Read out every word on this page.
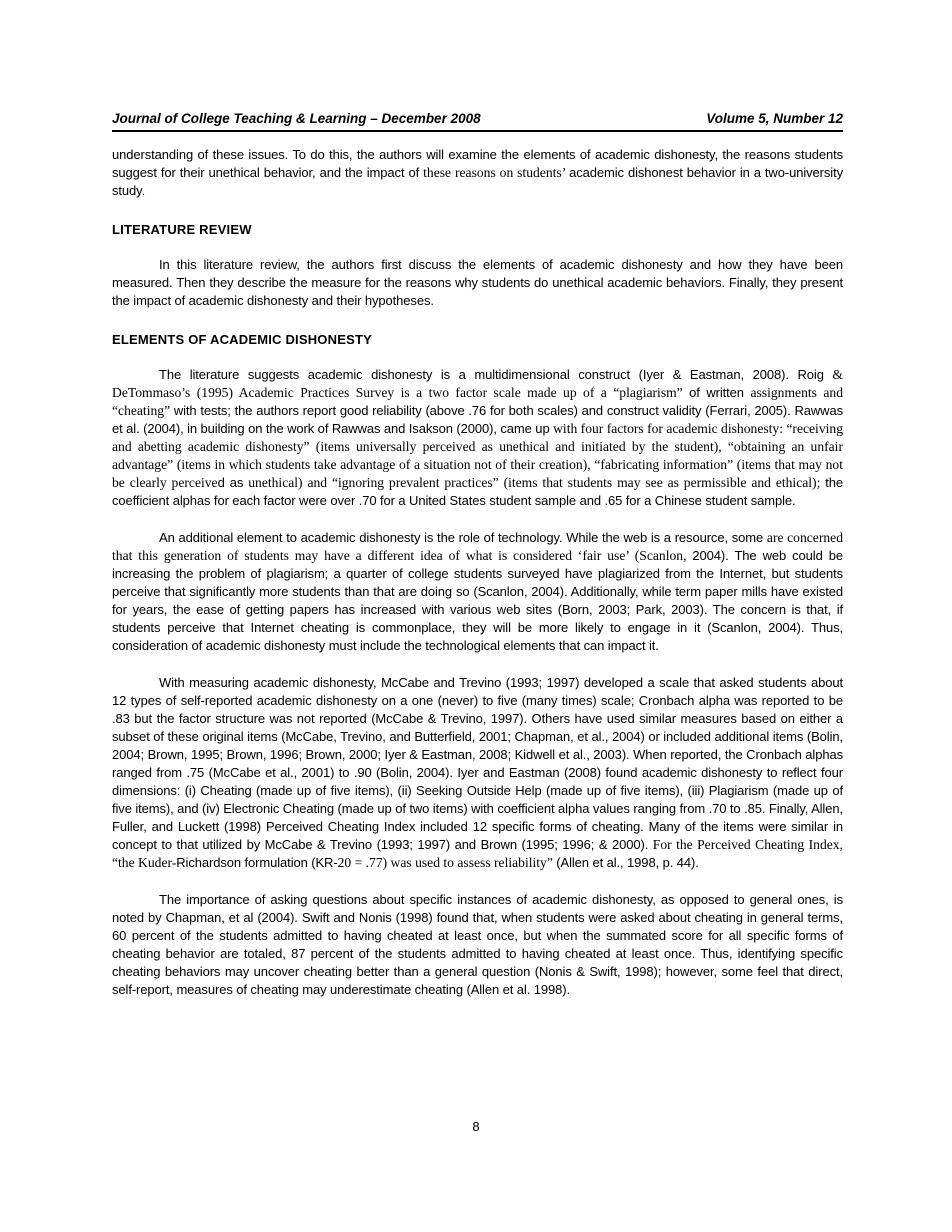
Journal of College Teaching & Learning – December 2008	Volume 5, Number 12

understanding of these issues. To do this, the authors will examine the elements of academic dishonesty, the reasons students suggest for their unethical behavior, and the impact of these reasons on students’ academic dishonest behavior in a two-university study.

LITERATURE REVIEW

In this literature review, the authors first discuss the elements of academic dishonesty and how they have been measured. Then they describe the measure for the reasons why students do unethical academic behaviors. Finally, they present the impact of academic dishonesty and their hypotheses.

ELEMENTS OF ACADEMIC DISHONESTY

The literature suggests academic dishonesty is a multidimensional construct (Iyer & Eastman, 2008). Roig & DeTommaso’s (1995) Academic Practices Survey is a two factor scale made up of a “plagiarism” of written assignments and “cheating” with tests; the authors report good reliability (above .76 for both scales) and construct validity (Ferrari, 2005). Rawwas et al. (2004), in building on the work of Rawwas and Isakson (2000), came up with four factors for academic dishonesty: “receiving and abetting academic dishonesty” (items universally perceived as unethical and initiated by the student), “obtaining an unfair advantage” (items in which students take advantage of a situation not of their creation), “fabricating information” (items that may not be clearly perceived as unethical) and “ignoring prevalent practices” (items that students may see as permissible and ethical); the coefficient alphas for each factor were over .70 for a United States student sample and .65 for a Chinese student sample.

An additional element to academic dishonesty is the role of technology. While the web is a resource, some are concerned that this generation of students may have a different idea of what is considered ‘fair use’ (Scanlon, 2004). The web could be increasing the problem of plagiarism; a quarter of college students surveyed have plagiarized from the Internet, but students perceive that significantly more students than that are doing so (Scanlon, 2004). Additionally, while term paper mills have existed for years, the ease of getting papers has increased with various web sites (Born, 2003; Park, 2003). The concern is that, if students perceive that Internet cheating is commonplace, they will be more likely to engage in it (Scanlon, 2004). Thus, consideration of academic dishonesty must include the technological elements that can impact it.

With measuring academic dishonesty, McCabe and Trevino (1993; 1997) developed a scale that asked students about 12 types of self-reported academic dishonesty on a one (never) to five (many times) scale; Cronbach alpha was reported to be .83 but the factor structure was not reported (McCabe & Trevino, 1997). Others have used similar measures based on either a subset of these original items (McCabe, Trevino, and Butterfield, 2001; Chapman, et al., 2004) or included additional items (Bolin, 2004; Brown, 1995; Brown, 1996; Brown, 2000; Iyer & Eastman, 2008; Kidwell et al., 2003). When reported, the Cronbach alphas ranged from .75 (McCabe et al., 2001) to .90 (Bolin, 2004). Iyer and Eastman (2008) found academic dishonesty to reflect four dimensions: (i) Cheating (made up of five items), (ii) Seeking Outside Help (made up of five items), (iii) Plagiarism (made up of five items), and (iv) Electronic Cheating (made up of two items) with coefficient alpha values ranging from .70 to .85. Finally, Allen, Fuller, and Luckett (1998) Perceived Cheating Index included 12 specific forms of cheating. Many of the items were similar in concept to that utilized by McCabe & Trevino (1993; 1997) and Brown (1995; 1996; & 2000). For the Perceived Cheating Index, “the Kuder-Richardson formulation (KR-20 = .77) was used to assess reliability” (Allen et al., 1998, p. 44).

The importance of asking questions about specific instances of academic dishonesty, as opposed to general ones, is noted by Chapman, et al (2004). Swift and Nonis (1998) found that, when students were asked about cheating in general terms, 60 percent of the students admitted to having cheated at least once, but when the summated score for all specific forms of cheating behavior are totaled, 87 percent of the students admitted to having cheated at least once. Thus, identifying specific cheating behaviors may uncover cheating better than a general question (Nonis & Swift, 1998); however, some feel that direct, self-report, measures of cheating may underestimate cheating (Allen et al. 1998).

8
